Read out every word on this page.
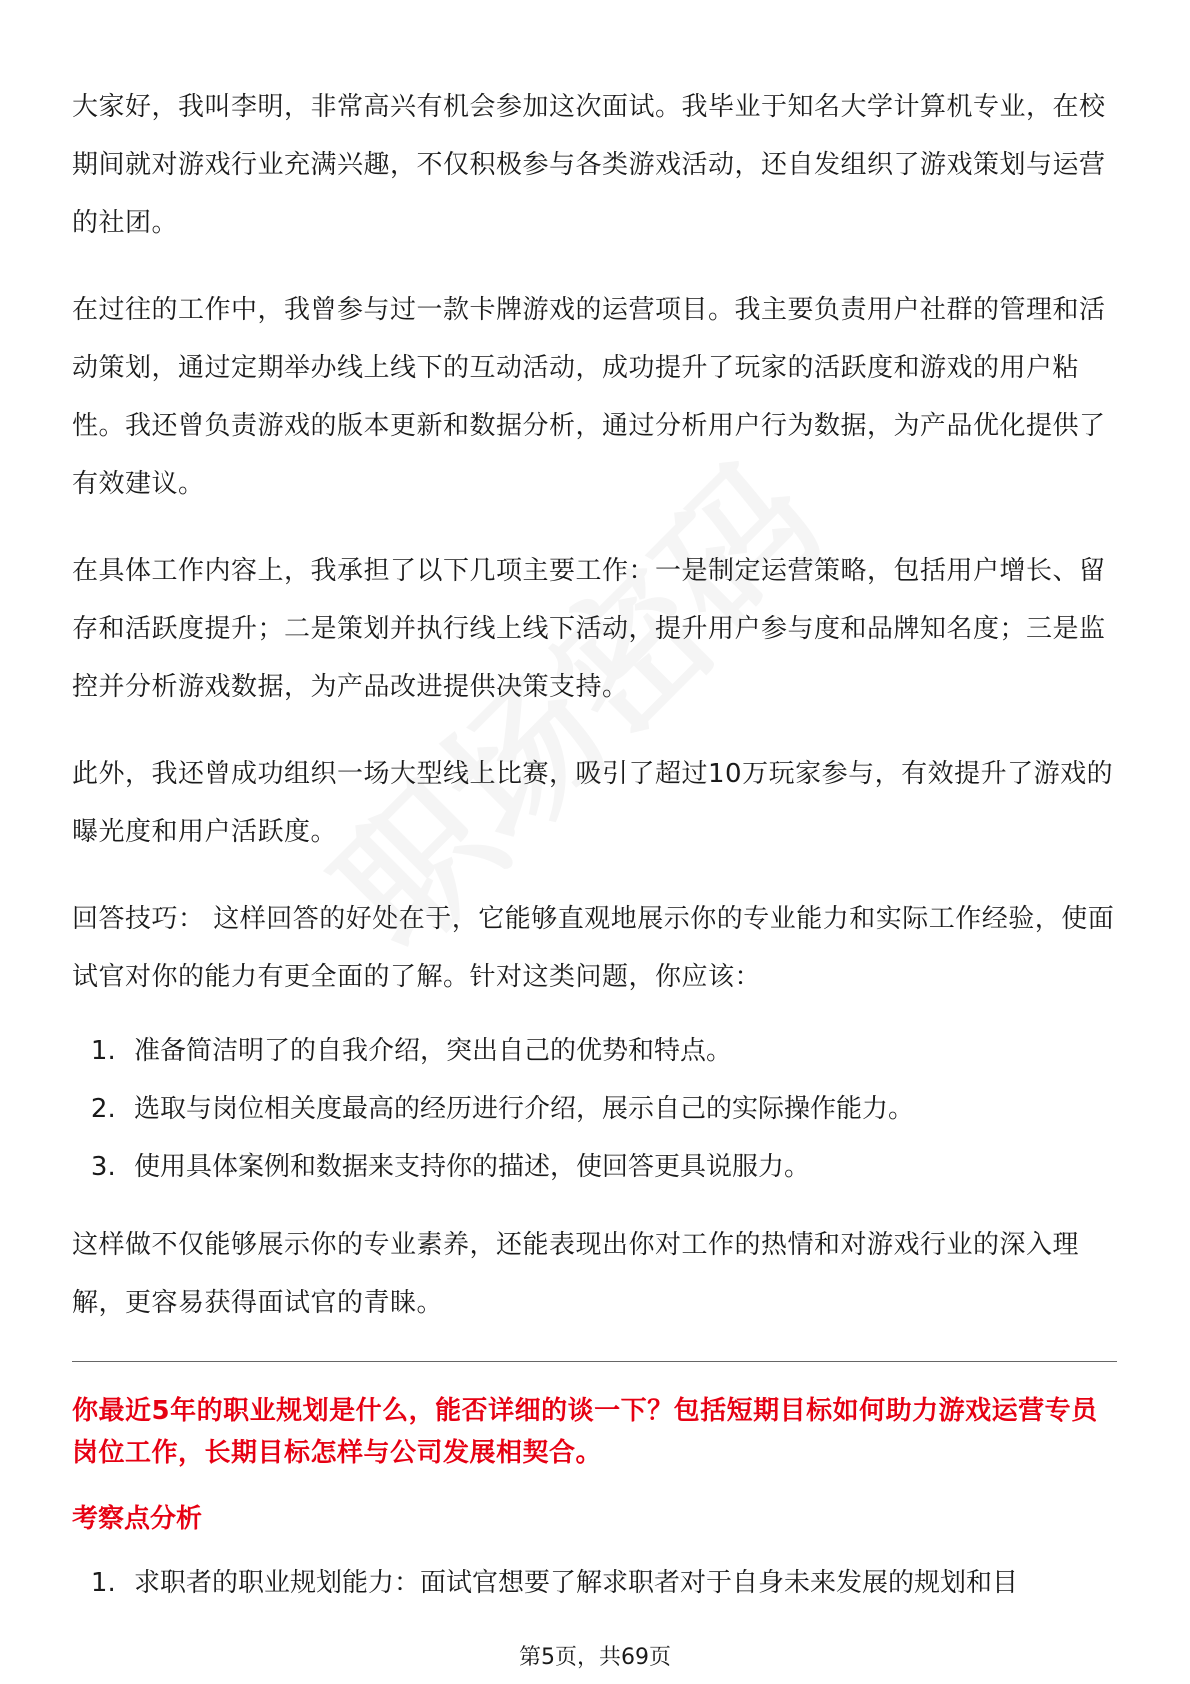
大家好，我叫李明，非常高兴有机会参加这次面试。我毕业于知名大学计算机专业，在校期间就对游戏行业充满兴趣，不仅积极参与各类游戏活动，还自发组织了游戏策划与运营的社团。

在过往的工作中，我曾参与过一款卡牌游戏的运营项目。我主要负责用户社群的管理和活动策划，通过定期举办线上线下的互动活动，成功提升了玩家的活跃度和游戏的用户粘性。我还曾负责游戏的版本更新和数据分析，通过分析用户行为数据，为产品优化提供了有效建议。

在具体工作内容上，我承担了以下几项主要工作：一是制定运营策略，包括用户增长、留存和活跃度提升；二是策划并执行线上线下活动，提升用户参与度和品牌知名度；三是监控并分析游戏数据，为产品改进提供决策支持。

此外，我还曾成功组织一场大型线上比赛，吸引了超过10万玩家参与，有效提升了游戏的曝光度和用户活跃度。

回答技巧： 这样回答的好处在于，它能够直观地展示你的专业能力和实际工作经验，使面试官对你的能力有更全面的了解。针对这类问题，你应该：

1. 准备简洁明了的自我介绍，突出自己的优势和特点。
2. 选取与岗位相关度最高的经历进行介绍，展示自己的实际操作能力。
3. 使用具体案例和数据来支持你的描述，使回答更具说服力。

这样做不仅能够展示你的专业素养，还能表现出你对工作的热情和对游戏行业的深入理解，更容易获得面试官的青睐。

你最近5年的职业规划是什么，能否详细的谈一下？包括短期目标如何助力游戏运营专员岗位工作，长期目标怎样与公司发展相契合。

考察点分析
1. 求职者的职业规划能力：面试官想要了解求职者对于自身未来发展的规划和目
第5页，共69页
